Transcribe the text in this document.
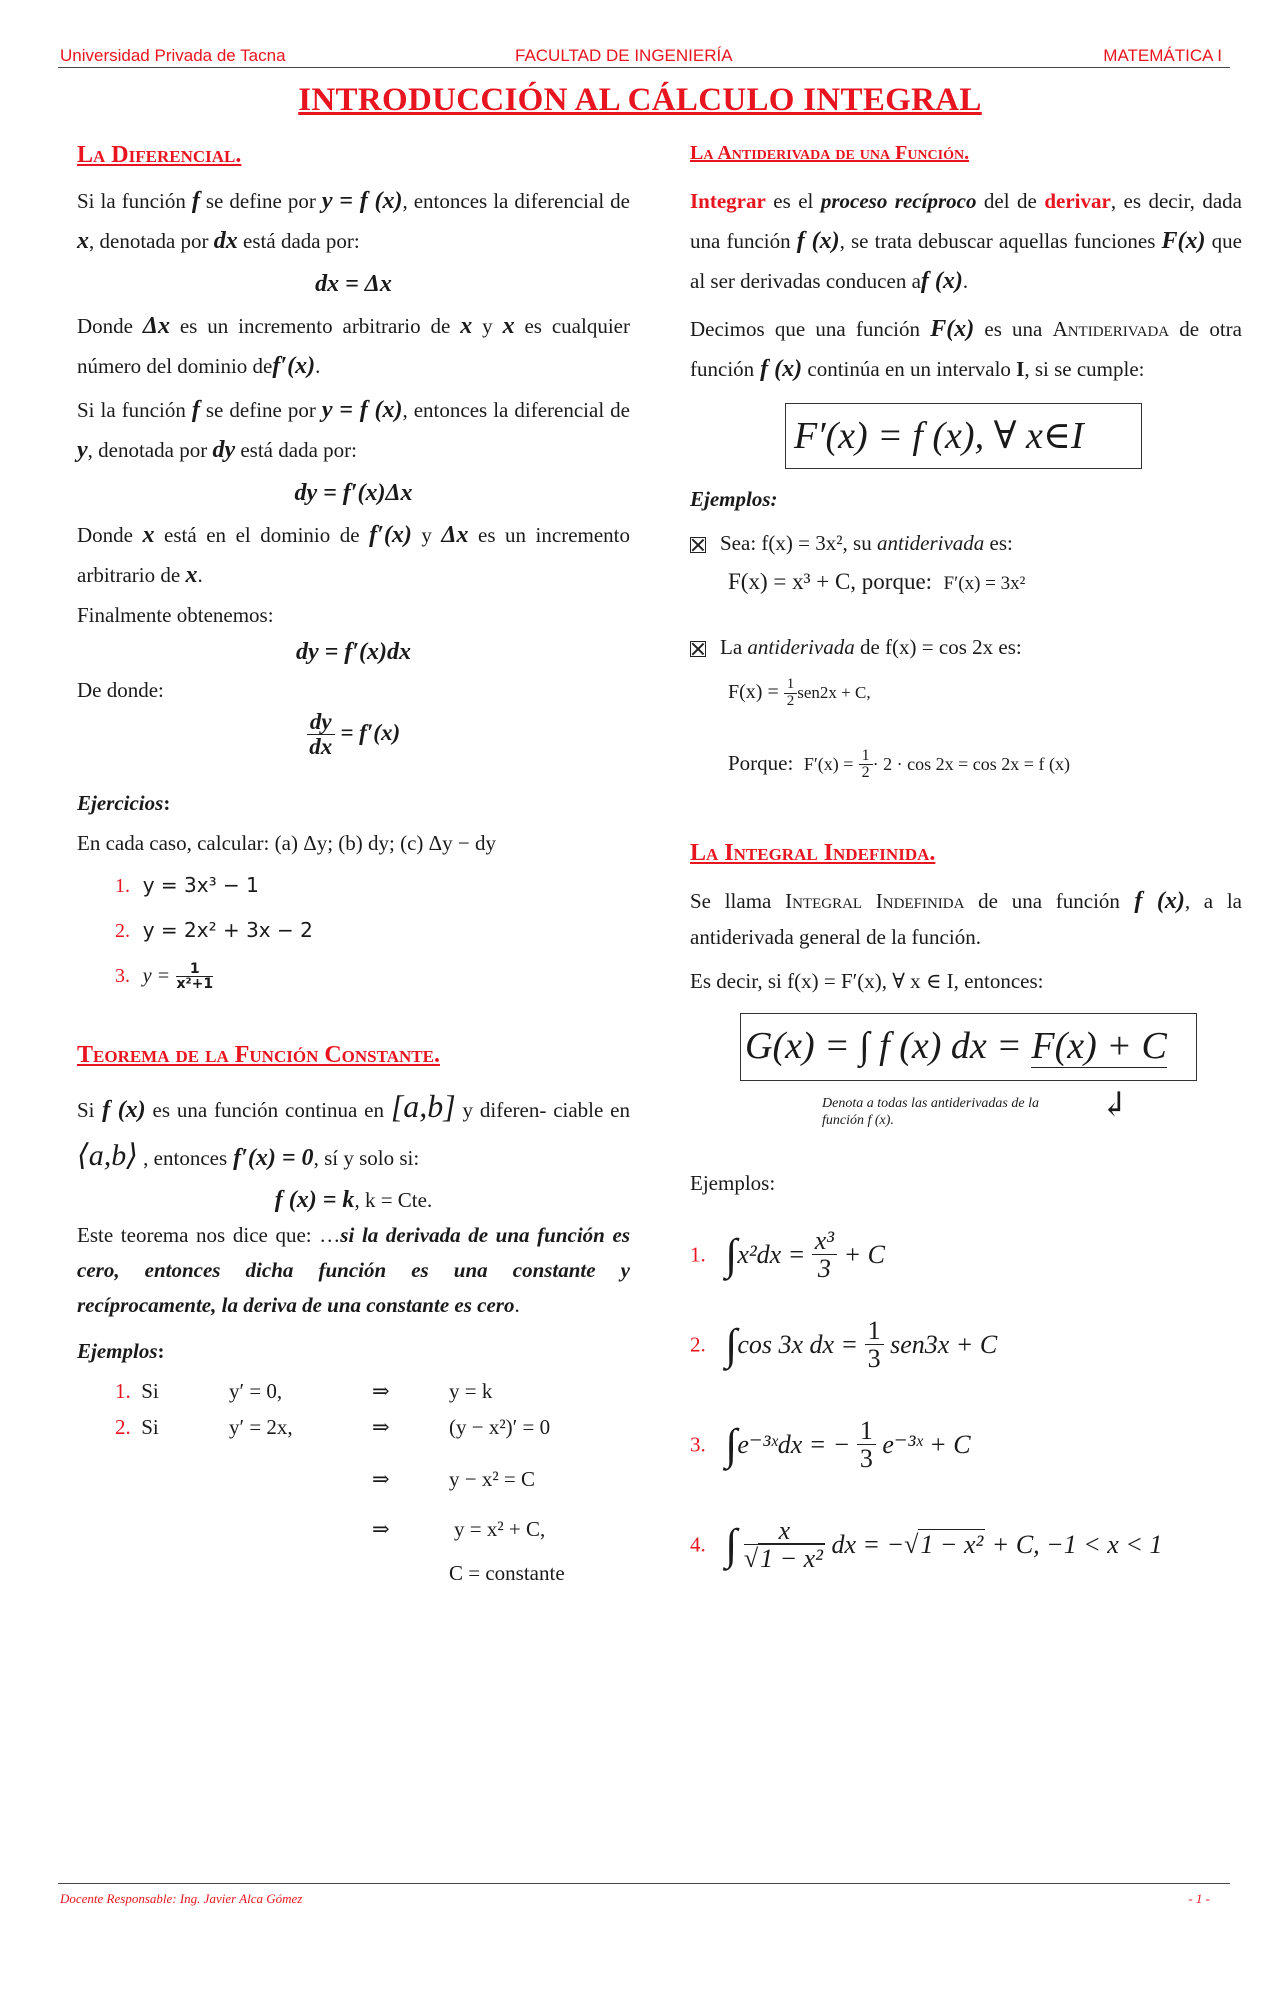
Universidad Privada de Tacna	FACULTAD DE INGENIERÍA	MATEMÁTICA I
INTRODUCCIÓN AL CÁLCULO INTEGRAL
La Diferencial.
Si la función f se define por y = f (x), entonces la diferencial de x, denotada por dx está dada por:
dx = Δx
Donde Δx es un incremento arbitrario de x y x es cualquier número del dominio def′(x).
Si la función f se define por y = f (x), entonces la diferencial de y, denotada por dy está dada por:
dy = f′(x)Δx
Donde x está en el dominio de f′(x) y Δx es un incremento arbitrario de x.
Finalmente obtenemos:
dy = f′(x)dx
De donde:
$\frac{dy}{dx} = f'(x)$
Ejercicios:
En cada caso, calcular: (a) Δy; (b) dy; (c) Δy − dy
1. y = 3x³ − 1
2. y = 2x² + 3x − 2
3. $y = \frac{1}{\text{x²+1}}$
Teorema de la Función Constante.
Si f (x) es una función continua en [a,b] y diferen- ciable en ⟨a,b⟩ , entonces f′(x) = 0, sí y solo si:
f (x) = k, k = Cte.
Este teorema nos dice que: …si la derivada de una función es cero, entonces dicha función es una constante y recíprocamente, la deriva de una constante es cero.
Ejemplos:
1. Si	y′ = 0,	⇒	y = k
2. Si	y′ = 2x,	⇒	(y − x²)′ = 0
⇒	y − x² = C
⇒	y = x² + C,
C = constante
La Antiderivada de una Función.
Integrar es el proceso recíproco del de derivar, es decir, dada una función f (x), se trata debuscar aquellas funciones F(x) que al ser derivadas conducen af (x).
Decimos que una función F(x) es una Antiderivada de otra función f (x) continúa en un intervalo I, si se cumple:
F′(x) = f (x), ∀ x∈I
Ejemplos:
Sea: f(x) = 3x², su antiderivada es:
F(x) = x³ + C, porque: F′(x) = 3x²
La antiderivada de f(x) = cos 2x es:
$F(x) = \frac{1}{2} sen2x + C$,
Porque: $F'(x) = \frac{1}{2} \cdot 2 \cdot \cos 2x = \cos 2x = f$ (x)
La Integral Indefinida.
Se llama Integral Indefinida de una función f (x), a la antiderivada general de la función.
Es decir, si f(x) = F′(x), ∀ x ∈ I, entonces:
G(x) = ∫ f (x) dx = F(x) + C
Denota a todas las antiderivadas de la función f (x).	↲
Ejemplos:
1. $\int x^2dx = \frac{\text{x³}}{3} + C$
2. ∫cos 3x dx = $\frac{1}{3} sen3x + C$
3. ∫e⁻³ˣdx = − $\frac{1}{3}$ e⁻³ˣ + C
4. ∫ $\frac{x}{\text{√1 − x²}}$ dx = −√1 − x² + C, −1 < x < 1
Docente Responsable: Ing. Javier Alca Gómez	- 1 -
